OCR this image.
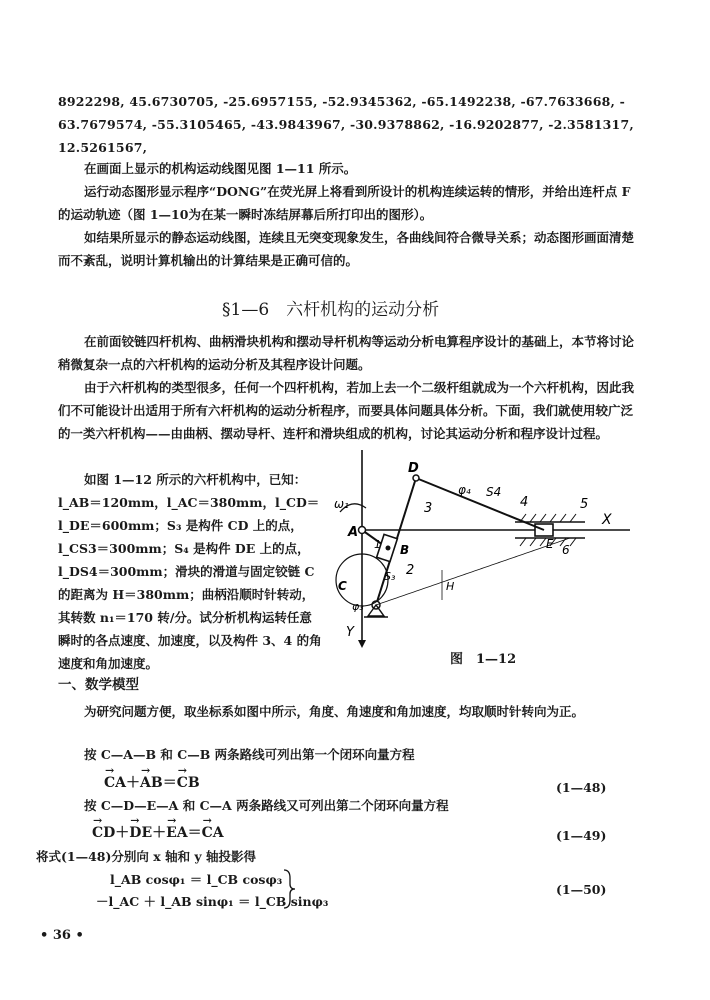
8922298, 45.6730705, -25.6957155, -52.9345362, -65.1492238, -67.7633668, -
63.7679574, -55.3105465, -43.9843967, -30.9378862, -16.9202877, -2.3581317,
12.5261567,
在画面上显示的机构运动线图见图 1—11 所示。
运行动态图形显示程序“DONG”在荧光屏上将看到所设计的机构连续运转的情形，并给出连杆点 F 的运动轨迹（图 1—10为在某一瞬时冻结屏幕后所打印出的图形）。
如结果所显示的静态运动线图，连续且无突变现象发生，各曲线间符合微导关系；动态图形画面清楚而不紊乱，说明计算机输出的计算结果是正确可信的。
§1—6　六杆机构的运动分析
在前面铰链四杆机构、曲柄滑块机构和摆动导杆机构等运动分析电算程序设计的基础上，本节将讨论稍微复杂一点的六杆机构的运动分析及其程序设计问题。
由于六杆机构的类型很多，任何一个四杆机构，若加上去一个二级杆组就成为一个六杆机构，因此我们不可能设计出适用于所有六杆机构的运动分析程序，而要具体问题具体分析。下面，我们就使用较广泛的一类六杆机构——由曲柄、摆动导杆、连杆和滑块组成的机构，讨论其运动分析和程序设计过程。
如图 1—12 所示的六杆机构中，已知：l_AB＝120mm，l_AC＝380mm，l_CD＝l_DE＝600mm；S₃ 是构件 CD 上的点，l_CS3＝300mm；S₄ 是构件 DE 上的点，l_DS4＝300mm；滑块的滑道与固定铰链 C 的距离为 H＝380mm；曲柄沿顺时针转动，其转数 n₁＝170 转/分。试分析机构运转任意瞬时的各点速度、加速度，以及构件 3、4 的角速度和角加速度。
D
φ₄ S4
4	5
X
E 6
ω₁
A
3
1 B
2
S₃
C
φ₃
Y
H
图　1—12
一、数学模型
为研究问题方便，取坐标系如图中所示，角度、角速度和角加速度，均取顺时针转向为正。
按 C—A—B 和 C—B 两条路线可列出第一个闭环向量方程
→ CA＋→ AB＝→ CB	(1—48)
按 C—D—E—A 和 C—A 两条路线又可列出第二个闭环向量方程
→ CD＋→ DE＋→ EA＝→ CA	(1—49)
将式(1—48)分别向 x 轴和 y 轴投影得
l_AB cosφ₁ ＝ l_CB cosφ₃
－l_AC ＋ l_AB sinφ₁ ＝ l_CB sinφ₃
(1—50)
• 36 •
